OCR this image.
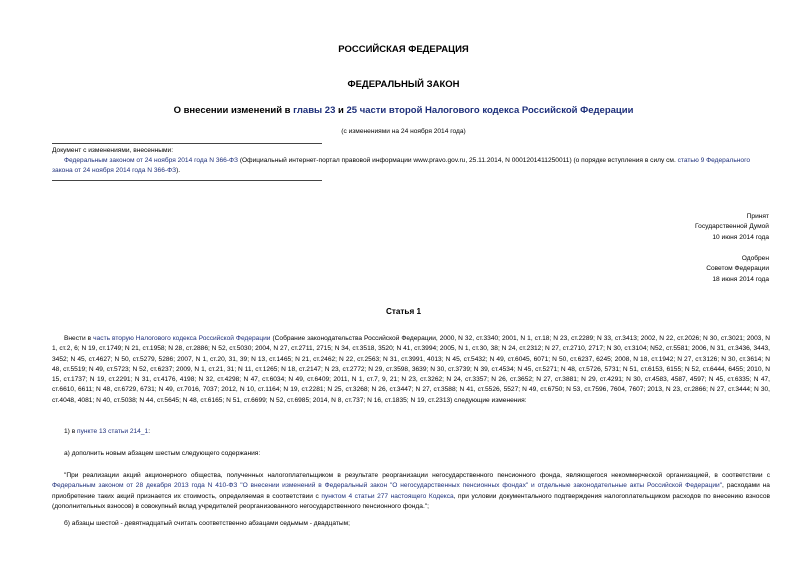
РОССИЙСКАЯ ФЕДЕРАЦИЯ

ФЕДЕРАЛЬНЫЙ ЗАКОН

О внесении изменений в главы 23 и 25 части второй Налогового кодекса Российской Федерации

(с изменениями на 24 ноября 2014 года)

Документ с изменениями, внесенными:
Федеральным законом от 24 ноября 2014 года N 366-ФЗ (Официальный интернет-портал правовой информации www.pravo.gov.ru, 25.11.2014, N 0001201411250011) (о порядке вступления в силу см. статью 9 Федерального закона от 24 ноября 2014 года N 366-ФЗ).
Принят
Государственной Думой
10 июня 2014 года
Одобрен
Советом Федерации
18 июня 2014 года

Статья 1

Внести в часть вторую Налогового кодекса Российской Федерации (Собрание законодательства Российской Федерации, 2000, N 32, ст.3340; 2001, N 1, ст.18; N 23, ст.2289; N 33, ст.3413; 2002, N 22, ст.2026; N 30, ст.3021; 2003, N 1, ст.2, 6; N 19, ст.1749; N 21, ст.1958; N 28, ст.2886; N 52, ст.5030; 2004, N 27, ст.2711, 2715; N 34, ст.3518, 3520; N 41, ст.3994; 2005, N 1, ст.30, 38; N 24, ст.2312; N 27, ст.2710, 2717; N 30, ст.3104; N52, ст.5581; 2006, N 31, ст.3436, 3443, 3452; N 45, ст.4627; N 50, ст.5279, 5286; 2007, N 1, ст.20, 31, 39; N 13, ст.1465; N 21, ст.2462; N 22, ст.2563; N 31, ст.3991, 4013; N 45, ст.5432; N 49, ст.6045, 6071; N 50, ст.6237, 6245; 2008, N 18, ст.1942; N 27, ст.3126; N 30, ст.3614; N 48, ст.5519; N 49, ст.5723; N 52, ст.6237; 2009, N 1, ст.21, 31; N 11, ст.1265; N 18, ст.2147; N 23, ст.2772; N 29, ст.3598, 3639; N 30, ст.3739; N 39, ст.4534; N 45, ст.5271; N 48, ст.5726, 5731; N 51, ст.6153, 6155; N 52, ст.6444, 6455; 2010, N 15, ст.1737; N 19, ст.2291; N 31, ст.4176, 4198; N 32, ст.4298; N 47, ст.6034; N 49, ст.6409; 2011, N 1, ст.7, 9, 21; N 23, ст.3262; N 24, ст.3357; N 26, ст.3652; N 27, ст.3881; N 29, ст.4291; N 30, ст.4583, 4587, 4597; N 45, ст.6335; N 47, ст.6610, 6611; N 48, ст.6729, 6731; N 49, ст.7016, 7037; 2012, N 10, ст.1164; N 19, ст.2281; N 25, ст.3268; N 26, ст.3447; N 27, ст.3588; N 41, ст.5526, 5527; N 49, ст.6750; N 53, ст.7596, 7604, 7607; 2013, N 23, ст.2866; N 27, ст.3444; N 30, ст.4048, 4081; N 40, ст.5038; N 44, ст.5645; N 48, ст.6165; N 51, ст.6699; N 52, ст.6985; 2014, N 8, ст.737; N 16, ст.1835; N 19, ст.2313) следующие изменения:

1) в пункте 13 статьи 214_1:

а) дополнить новым абзацем шестым следующего содержания:

"При реализации акций акционерного общества, полученных налогоплательщиком в результате реорганизации негосударственного пенсионного фонда, являющегося некоммерческой организацией, в соответствии с Федеральным законом от 28 декабря 2013 года N 410-ФЗ "О внесении изменений в Федеральный закон "О негосударственных пенсионных фондах" и отдельные законодательные акты Российской Федерации", расходами на приобретение таких акций признается их стоимость, определяемая в соответствии с пунктом 4 статьи 277 настоящего Кодекса, при условии документального подтверждения налогоплательщиком расходов по внесению взносов (дополнительных взносов) в совокупный вклад учредителей реорганизованного негосударственного пенсионного фонда.";

б) абзацы шестой - девятнадцатый считать соответственно абзацами седьмым - двадцатым;
